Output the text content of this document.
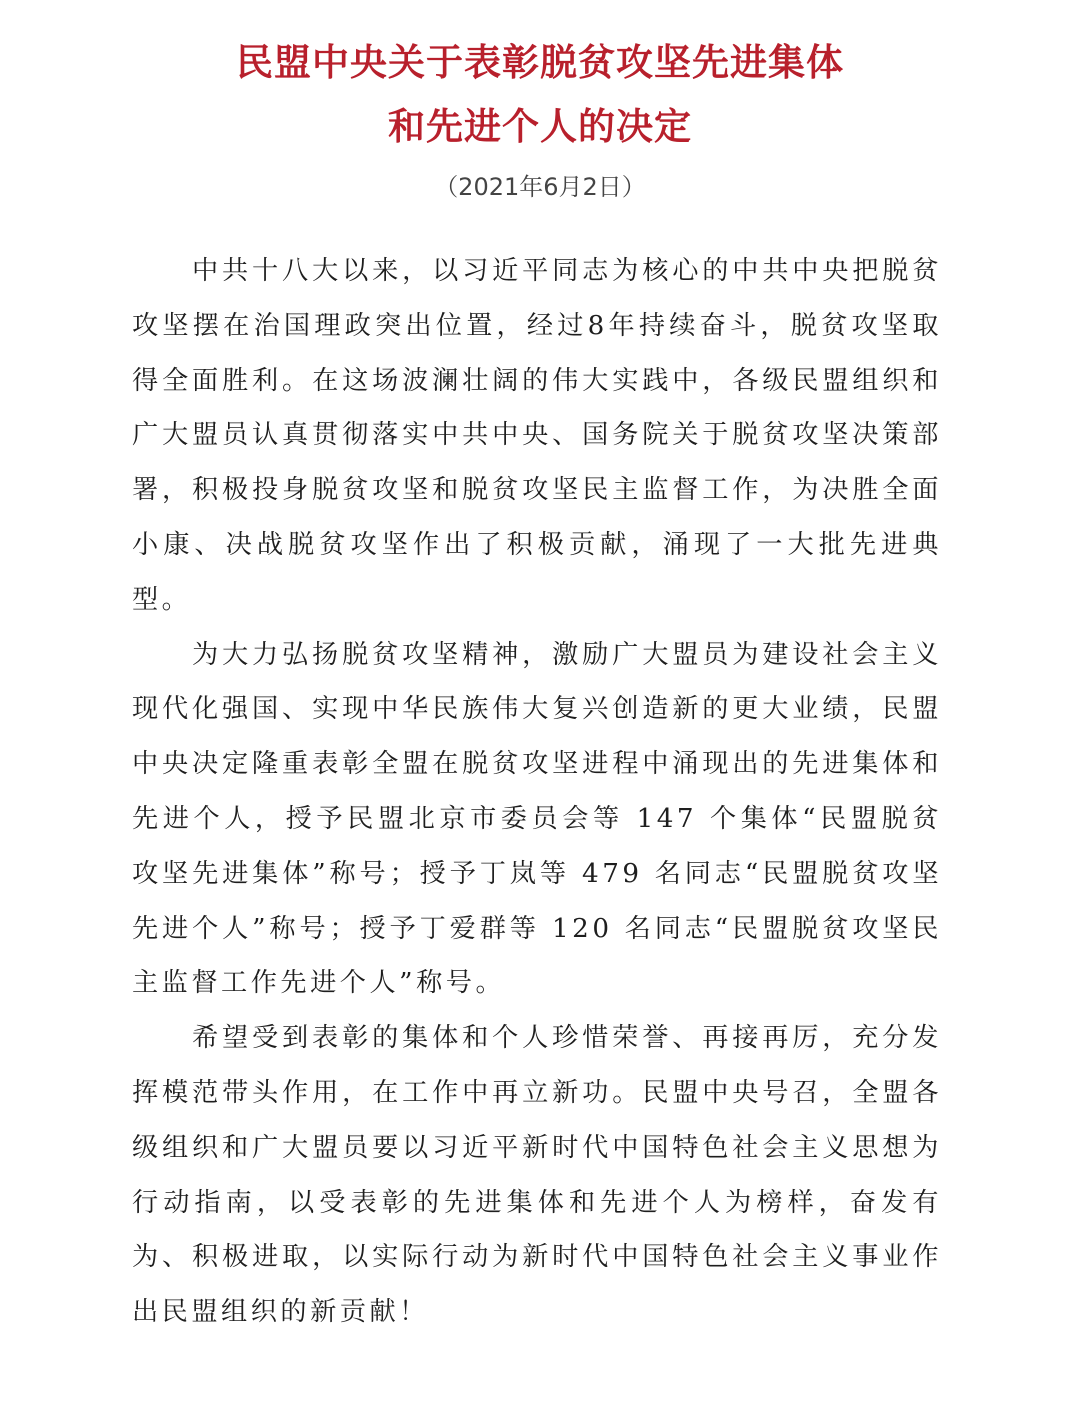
民盟中央关于表彰脱贫攻坚先进集体
和先进个人的决定
（2021年6月2日）

中共十八大以来，以习近平同志为核心的中共中央把脱贫攻坚摆在治国理政突出位置，经过8年持续奋斗，脱贫攻坚取得全面胜利。在这场波澜壮阔的伟大实践中，各级民盟组织和广大盟员认真贯彻落实中共中央、国务院关于脱贫攻坚决策部署，积极投身脱贫攻坚和脱贫攻坚民主监督工作，为决胜全面小康、决战脱贫攻坚作出了积极贡献，涌现了一大批先进典型。

为大力弘扬脱贫攻坚精神，激励广大盟员为建设社会主义现代化强国、实现中华民族伟大复兴创造新的更大业绩，民盟中央决定隆重表彰全盟在脱贫攻坚进程中涌现出的先进集体和先进个人，授予民盟北京市委员会等 147 个集体“民盟脱贫攻坚先进集体”称号；授予丁岚等 479 名同志“民盟脱贫攻坚先进个人”称号；授予丁爱群等 120 名同志“民盟脱贫攻坚民主监督工作先进个人”称号。

希望受到表彰的集体和个人珍惜荣誉、再接再厉，充分发挥模范带头作用，在工作中再立新功。民盟中央号召，全盟各级组织和广大盟员要以习近平新时代中国特色社会主义思想为行动指南，以受表彰的先进集体和先进个人为榜样，奋发有为、积极进取，以实际行动为新时代中国特色社会主义事业作出民盟组织的新贡献！
